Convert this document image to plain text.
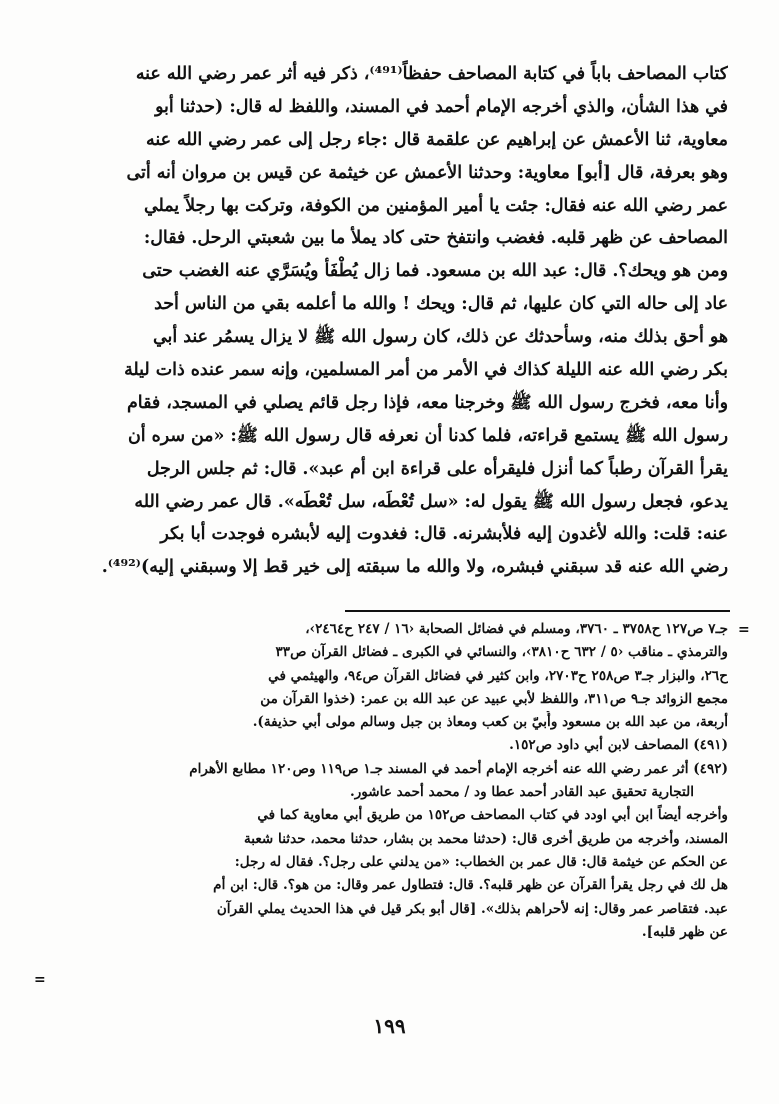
كتاب المصاحف باباً في كتابة المصاحف حفظاً⁽⁴⁹¹⁾، ذكر فيه أثر عمر رضي الله عنه
في هذا الشأن، والذي أخرجه الإمام أحمد في المسند، واللفظ له قال: (حدثنا أبو
معاوية، ثنا الأعمش عن إبراهيم عن علقمة قال :جاء رجل إلى عمر رضي الله عنه
وهو بعرفة، قال [أبو] معاوية: وحدثنا الأعمش عن خيثمة عن قيس بن مروان أنه أتى
عمر رضي الله عنه فقال: جئت يا أمير المؤمنين من الكوفة، وتركت بها رجلاً يملي
المصاحف عن ظهر قلبه. فغضب وانتفخ حتى كاد يملأ ما بين شعبتي الرحل. فقال:
ومن هو ويحك؟. قال: عبد الله بن مسعود. فما زال يُطْفَأ ويُسَرَّي عنه الغضب حتى
عاد إلى حاله التي كان عليها، ثم قال: ويحك ! والله ما أعلمه بقي من الناس أحد
هو أحق بذلك منه، وسأحدثك عن ذلك، كان رسول الله ﷺ لا يزال يسمُر عند أبي
بكر رضي الله عنه الليلة كذاك في الأمر من أمر المسلمين، وإنه سمر عنده ذات ليلة
وأنا معه، فخرج رسول الله ﷺ وخرجنا معه، فإذا رجل قائم يصلي في المسجد، فقام
رسول الله ﷺ يستمع قراءته، فلما كدنا أن نعرفه قال رسول الله ﷺ: «من سره أن
يقرأ القرآن رطباً كما أنزل فليقرأه على قراءة ابن أم عبد». قال: ثم جلس الرجل
يدعو، فجعل رسول الله ﷺ يقول له: «سل تُعْطَه، سل تُعْطَه». قال عمر رضي الله
عنه: قلت: والله لأغدون إليه فلأبشرنه. قال: فغدوت إليه لأبشره فوجدت أبا بكر
رضي الله عنه قد سبقني فبشره، ولا والله ما سبقته إلى خير قط إلا وسبقني إليه)⁽⁴⁹²⁾.
=
جـ٧ ص١٢٧ ح٣٧٥٨ ـ ٣٧٦٠، ومسلم في فضائل الصحابة ‹١٦ / ٢٤٧ ح٢٤٦٤›،
والترمذي ـ مناقب ‹٥ / ٦٣٢ ح٣٨١٠›، والنسائي في الكبرى ـ فضائل القرآن ص٣٣
ح٢٦، والبزار جـ٣ ص٢٥٨ ح٢٧٠٣، وابن كثير في فضائل القرآن ص٩٤، والهيثمي في
مجمع الزوائد جـ٩ ص٣١١، واللفظ لأبي عبيد عن عبد الله بن عمر: (خذوا القرآن من
أربعة، من عبد الله بن مسعود وأُبيّ بن كعب ومعاذ بن جبل وسالم مولى أبي حذيفة).
(٤٩١) المصاحف لابن أبي داود ص١٥٢.
(٤٩٢) أثر عمر رضي الله عنه أخرجه الإمام أحمد في المسند جـ١ ص١١٩ وص١٢٠ مطابع الأهرام
التجارية تحقيق عبد القادر أحمد عطا ود / محمد أحمد عاشور.
وأخرجه أيضاً ابن أبي اودد في كتاب المصاحف ص١٥٢ من طريق أبي معاوية كما في
المسند، وأخرجه من طريق أخرى قال: (حدثنا محمد بن بشار، حدثنا محمد، حدثنا شعبة
عن الحكم عن خيثمة قال: قال عمر بن الخطاب: «من يدلني على رجل؟. فقال له رجل:
هل لك في رجل يقرأ القرآن عن ظهر قلبه؟. قال: فتطاول عمر وقال: من هو؟. قال: ابن أم
عبد. فتقاصر عمر وقال: إنه لأحراهم بذلك». [قال أبو بكر قيل في هذا الحديث يملي القرآن
عن ظهر قلبه].
=
١٩٩
